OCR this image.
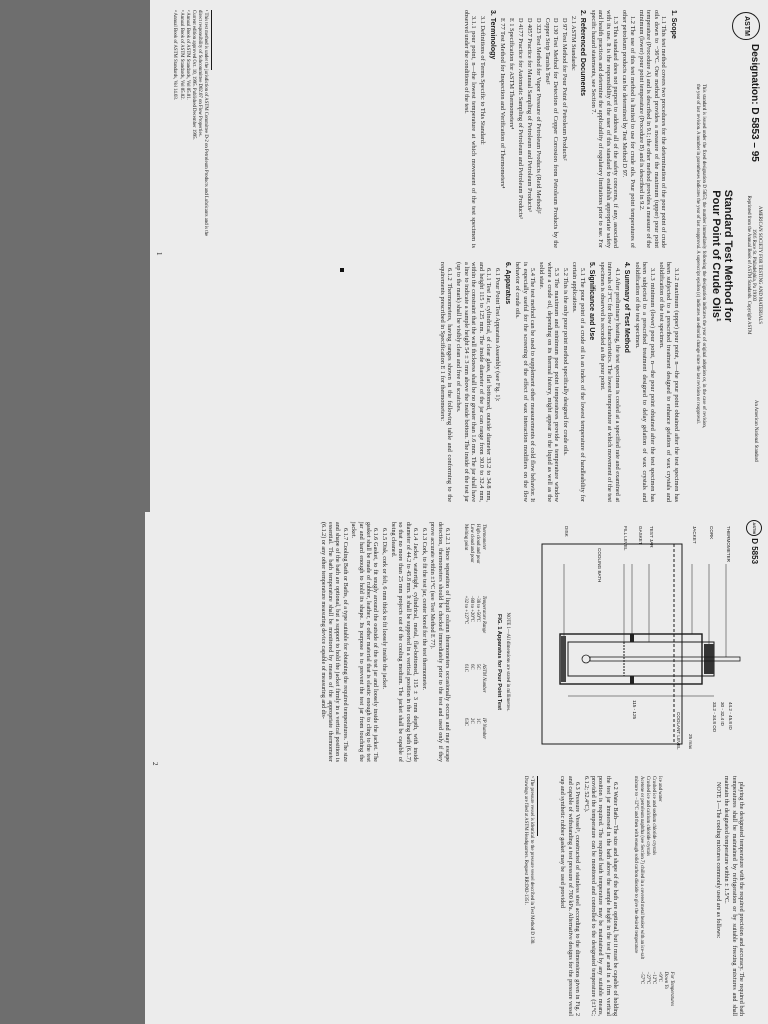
ASTM
Designation: D 5853 – 95
AMERICAN SOCIETY FOR TESTING AND MATERIALS
1916 Race St. Philadelphia, Pa 19103
Reprinted from the Annual Book of ASTM Standards. Copyright ASTM
An American National Standard
Standard Test Method for
Pour Point of Crude Oils¹
This standard is issued under the fixed designation D 5853; the number immediately following the designation indicates the year of original adoption or, in the case of revision, the year of last revision. A number in parentheses indicates the year of last reapproval. A superscript epsilon (ε) indicates an editorial change since the last revision or reapproval.
1. Scope

1.1 This test method covers two procedures for the determination of the pour point of crude oils down to −36°C. One method provides a measure of the maximum (upper) pour point temperature (Procedure A) and is described in 9.1; the other method provides a measure of the minimum (lower) pour point temperature (Procedure B) and is described in 9.2.

1.2 The use of this test method is limited to use for crude oils. Pour point temperatures of other petroleum products can be determined by Test Method D 97.

1.3 This standard does not purport to address all of the safety concerns, if any, associated with its use. It is the responsibility of the user of this standard to establish appropriate safety and health practices and determine the applicability of regulatory limitations prior to use. For specific hazard statements, see Section 7.

2. Referenced Documents

2.1 ASTM Standards:

D 97 Test Method for Pour Point of Petroleum Products²

D 130 Test Method for Detection of Copper Corrosion from Petroleum Products by the Copper Strip Tarnish Test²

D 323 Test Method for Vapor Pressure of Petroleum Products (Reid Method)²

D 4057 Practice for Manual Sampling of Petroleum and Petroleum Products³

D 4177 Practice for Automatic Sampling of Petroleum and Petroleum Products³

E 1 Specification for ASTM Thermometers⁴

E 77 Test Method for Inspection and Verification of Thermometers⁴

3. Terminology

3.1 Definitions of Terms Specific to This Standard:

3.1.1 pour point, n—the lowest temperature at which movement of the test specimen is observed under the conditions of the test.

3.1.2 maximum (upper) pour point, n—the pour point obtained after the test specimen has been subjected to a prescribed treatment designed to enhance gelation of wax crystals and solidification of the test specimen.

3.1.3 minimum (lower) pour point, n—the pour point obtained after the test specimen has been subjected to a prescribed treatment designed to delay gelation of wax crystals and solidification of the test specimen.

4. Summary of Test Method

4.1 After preliminary heating, the test specimen is cooled at a specified rate and examined at intervals of 3°C for flow characteristics. The lowest temperature at which movement of the test specimen is observed is recorded as the pour point.

5. Significance and Use

5.1 The pour point of a crude oil is an index of the lowest temperature of handleability for certain applications.

5.2 This is the only pour point method specifically designed for crude oils.

5.3 The maximum and minimum pour point temperatures provide a temperature window where a crude oil, depending on its thermal history, might appear in the liquid as well as the solid state.

5.4 The test method can be used to supplement other measurements of cold flow behavior. It is especially useful for the screening of the effect of wax interaction modifiers on the flow behavior of crude oils.

6. Apparatus

6.1 Pour Point Test Apparatus Assembly (see Fig. 1):

6.1.1 Test Jar, cylindrical, of clear glass, flat bottomed, outside diameter 33.2 to 34.8 mm, and height 115 to 125 mm. The inside diameter of the jar can range from 30.0 to 32.4 mm, within the constraint that the wall thickness shall be no greater than 1.6 mm. The jar shall have a line to indicate a sample height 54 ± 3 mm above the inside bottom. The inside of the test jar (up to the mark) shall be visibly clean and free of scratches.

6.1.2 Thermometers, having ranges shown in the following table and conforming to the requirements prescribed in Specification E 1 for thermometers:

¹ This test method is under the jurisdiction of ASTM Committee D-2 on Petroleum Products and Lubricants and is the direct responsibility of Subcommittee D02.07 on Flow Properties.
Current edition approved Oct. 10, 1995. Published December 1995.
² Annual Book of ASTM Standards, Vol 05.01.
³ Annual Book of ASTM Standards, Vol 05.02.
⁴ Annual Book of ASTM Standards, Vol 14.03.
1
ASTM
D 5853
THERMOMETER
CORK
JACKET
TEST JAR
GASKET
FILL LEVEL
COOLING BATH
DISK
44.2 - 45.8 ID
30 - 32.4 ID
33.2 - 34.8 OD
25 max
115 - 125
COOLANT LEVEL
NOTE 1—All dimensions are stated in millimetres.
FIG. 1 Apparatus for Pour Point Test
Thermometer	Temperature Range	ASTM Number	IP Number
High cloud and pour	−38 to +50°C	5C	1C
Low cloud and pour	−80 to +20°C	6C	2C
Melting point	+32 to +127°C	61C	63C

6.1.2.1 Since separation of liquid column thermometers occasionally occurs and may escape detection, thermometers should be checked immediately prior to the test and used only if they prove accurate within ±1°C (see Test Method E 77).

6.1.3 Cork, to fit the test jar, center bored for the test thermometer.

6.1.4 Jacket, watertight, cylindrical, metal, flat-bottomed, 115 ± 3 mm depth, with inside diameter of 44.2 to 45.8 mm. It shall be supported in a vertical position in the cooling bath (6.1.7) so that no more than 25 mm projects out of the cooling medium. The jacket shall be capable of being cleaned.

6.1.5 Disk, cork or felt, 6 mm thick to fit loosely inside the jacket.

6.1.6 Gasket, to fit snugly around the outside of the test jar and loosely inside the jacket. The gasket shall be made of rubber, leather, or other material that is elastic enough to cling to the test jar and hard enough to hold its shape. Its purpose is to prevent the test jar from touching the jacket.

6.1.7 Cooling Bath or Baths, of a type suitable for obtaining the required temperatures. The size and shape of the bath are optional, but a support to hold the jacket firmly in a vertical position is essential. The bath temperature shall be monitored by means of the appropriate thermometer (6.1.2) or any other temperature measuring device capable of measuring and dis-

playing the designated temperature with the required precision and accuracy. The required bath temperatures shall be maintained by refrigeration or by suitable freezing mixtures and shall maintain the designated temperature within ± 1.5°C.

NOTE 1—The cooling mixtures commonly used are as follows:

	For Temperatures Down To
Ice and water	+9°C
Crushed ice and sodium chloride crystals	−12°C
Crushed ice and calcium chloride crystals	−27°C
Acetone or petroleum naphtha (see Section 7) chilled in a covered metal beaker with an ice-salt mixture to −12°C and then with enough solid carbon dioxide to give the desired temperature	−57°C

6.2 Water Bath—The size and shape of the bath are optional, but it must be capable of holding the test jar immersed in the bath above the sample height in the test jar and in a firm vertical position is required. The required bath temperature may be maintained by any suitable means, provided the temperature can be monitored and controlled to the designated temperature (±1°C; 6.1.2; 52.4°C).

6.3 Pressure Vessel⁵, constructed of stainless steel according to the dimensions given in Fig. 2 and capable of withstanding a test pressure of 700 kPa. Alternative designs for the pressure vessel cap and synthetic rubber gasket may be used provided

⁵ The pressure vessel is identical to the pressure vessel described in Test Method D 130.
Drawings are filed at ASTM Headquarters. Request RR:D02-1351.
2
